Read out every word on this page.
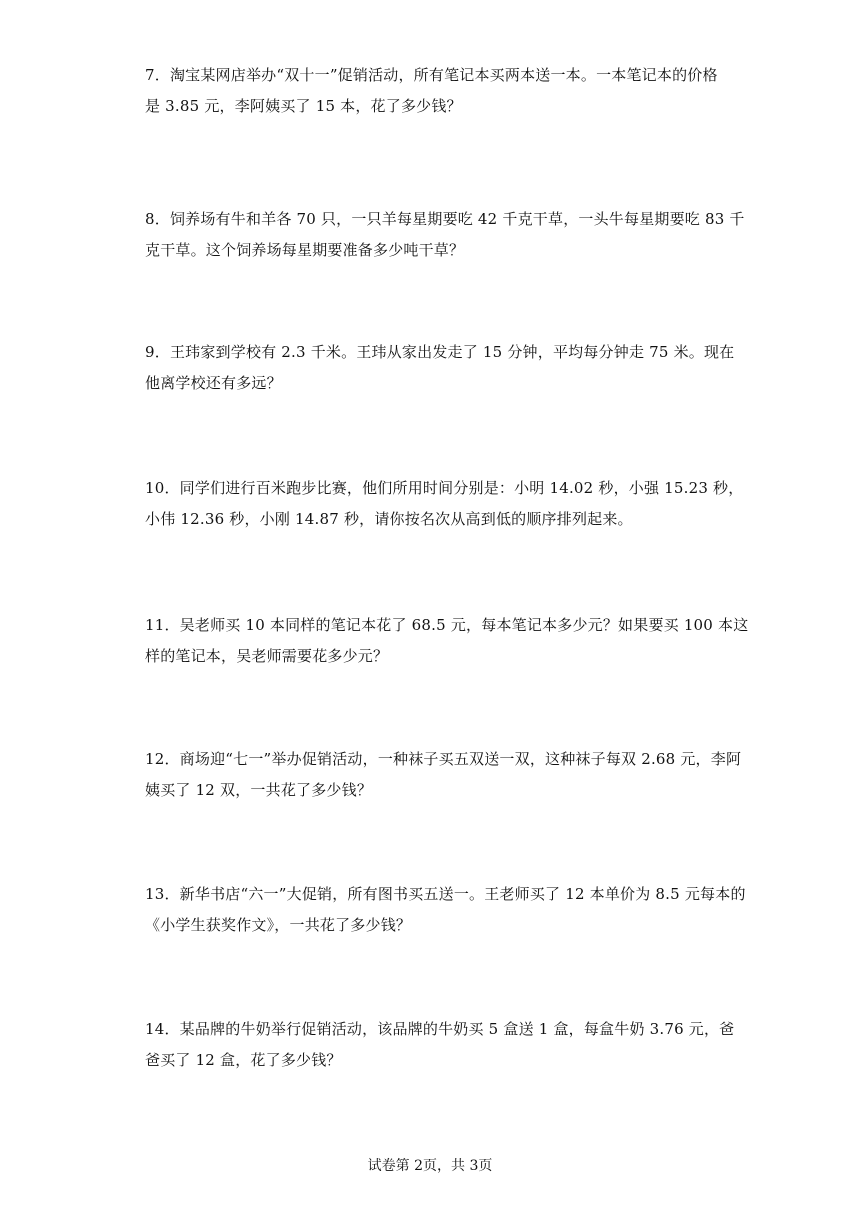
7．淘宝某网店举办“双十一”促销活动，所有笔记本买两本送一本。一本笔记本的价格
是 3.85 元，李阿姨买了 15 本，花了多少钱？

8．饲养场有牛和羊各 70 只，一只羊每星期要吃 42 千克干草，一头牛每星期要吃 83 千
克干草。这个饲养场每星期要准备多少吨干草？

9．王玮家到学校有 2.3 千米。王玮从家出发走了 15 分钟，平均每分钟走 75 米。现在
他离学校还有多远？

10．同学们进行百米跑步比赛，他们所用时间分别是：小明 14.02 秒，小强 15.23 秒，
小伟 12.36 秒，小刚 14.87 秒，请你按名次从高到低的顺序排列起来。

11．吴老师买 10 本同样的笔记本花了 68.5 元，每本笔记本多少元？如果要买 100 本这
样的笔记本，吴老师需要花多少元？

12．商场迎“七一”举办促销活动，一种袜子买五双送一双，这种袜子每双 2.68 元，李阿
姨买了 12 双，一共花了多少钱？

13．新华书店“六一”大促销，所有图书买五送一。王老师买了 12 本单价为 8.5 元每本的
《小学生获奖作文》，一共花了多少钱？

14．某品牌的牛奶举行促销活动，该品牌的牛奶买 5 盒送 1 盒，每盒牛奶 3.76 元，爸
爸买了 12 盒，花了多少钱？

试卷第 2页，共 3页
